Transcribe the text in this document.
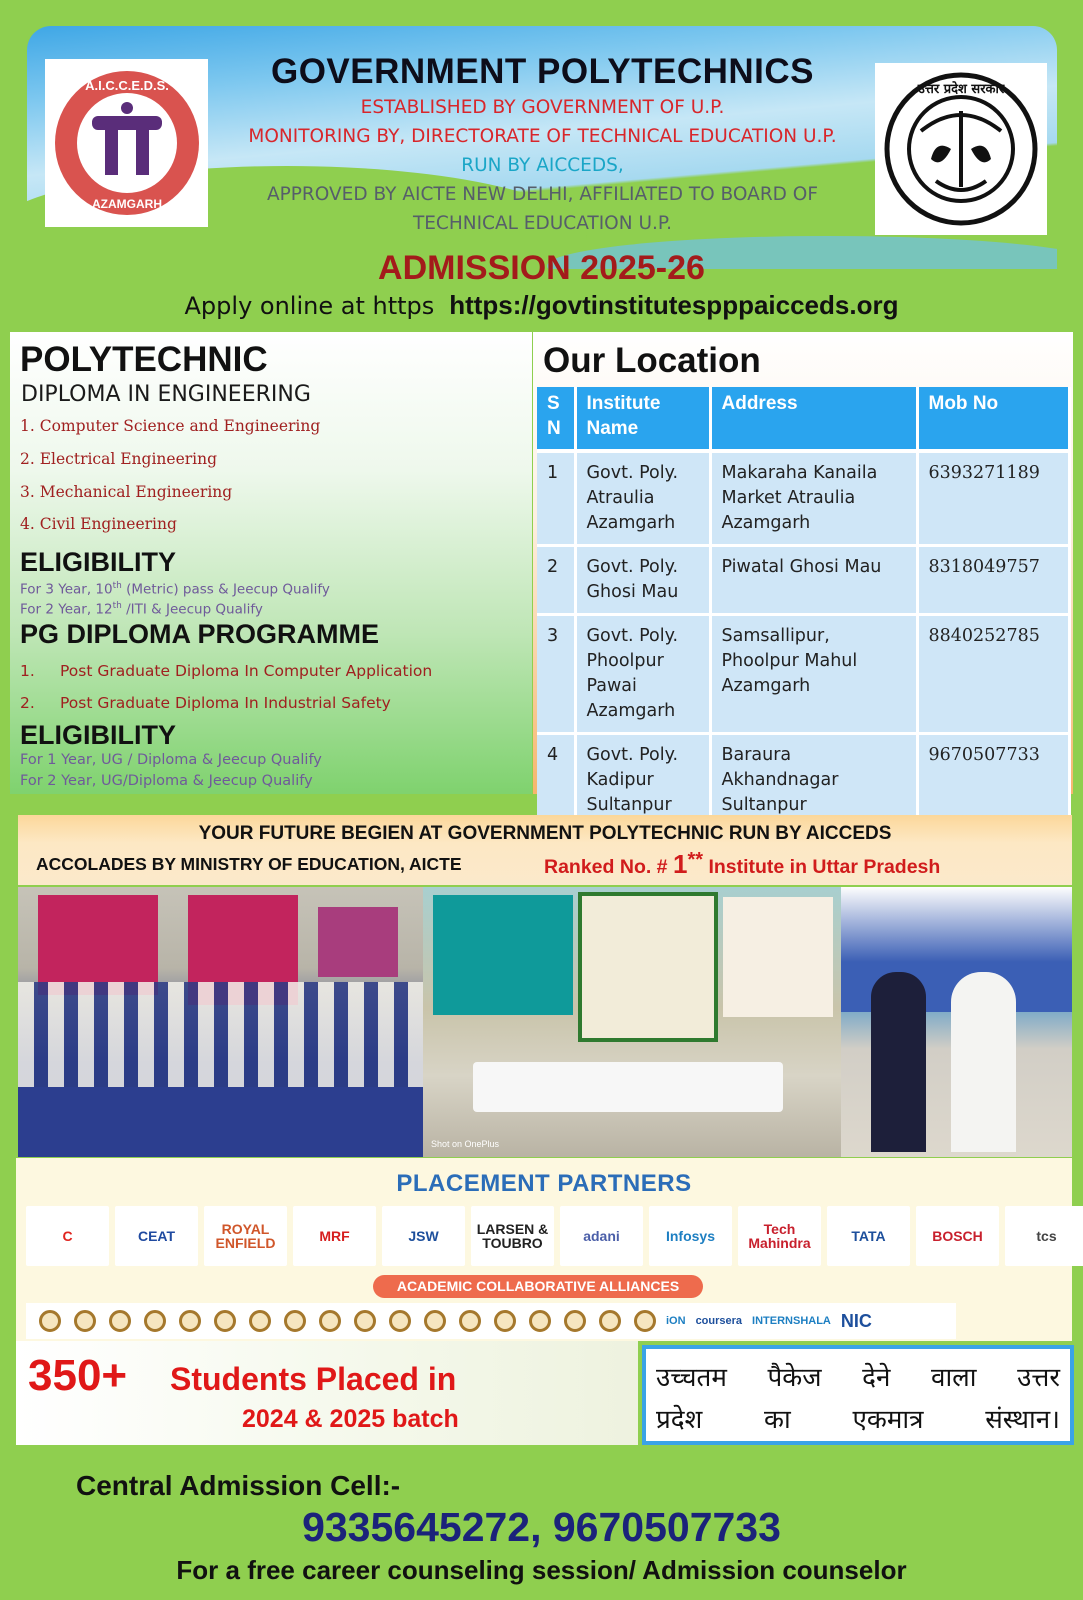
A.I.C.C.E.D.S.
AZAMGARH
उत्तर प्रदेश सरकार
GOVERNMENT POLYTECHNICS
ESTABLISHED BY GOVERNMENT OF U.P.
MONITORING BY, DIRECTORATE OF TECHNICAL EDUCATION U.P.
RUN BY AICCEDS,
APPROVED BY AICTE NEW DELHI, AFFILIATED TO BOARD OF
TECHNICAL EDUCATION U.P.
ADMISSION 2025-26
Apply online at https https://govtinstitutespppaicceds.org
POLYTECHNIC
DIPLOMA IN ENGINEERING
1. Computer Science and Engineering
2. Electrical Engineering
3. Mechanical Engineering
4. Civil Engineering
ELIGIBILITY
For 3 Year, 10th (Metric) pass & Jeecup Qualify
For 2 Year, 12th /ITI & Jeecup Qualify
PG DIPLOMA PROGRAMME
1. Post Graduate Diploma In Computer Application
2. Post Graduate Diploma In Industrial Safety
ELIGIBILITY
For 1 Year, UG / Diploma & Jeecup Qualify
For 2 Year, UG/Diploma & Jeecup Qualify
Our Location
S
N	Institute
Name	Address	Mob No
1	Govt. Poly.
Atraulia
Azamgarh	Makaraha Kanaila
Market Atraulia
Azamgarh	6393271189
2	Govt. Poly.
Ghosi Mau	Piwatal Ghosi Mau	8318049757
3	Govt. Poly.
Phoolpur
Pawai
Azamgarh	Samsallipur,
Phoolpur Mahul
Azamgarh	8840252785
4	Govt. Poly.
Kadipur
Sultanpur	Baraura
Akhandnagar
Sultanpur	9670507733
YOUR FUTURE BEGIEN AT GOVERNMENT POLYTECHNIC RUN BY AICCEDS
ACCOLADES BY MINISTRY OF EDUCATION, AICTE	Ranked No. # 1** Institute in Uttar Pradesh
Shot on OnePlus
PLACEMENT PARTNERS
C	CEAT	ROYAL ENFIELD	MRF	JSW	LARSEN & TOUBRO	adani	Infosys	Tech Mahindra	TATA	BOSCH	tcs
ACADEMIC COLLABORATIVE ALLIANCES
iON coursera INTERNSHALA NIC
350+ Students Placed in
2024 & 2025 batch
उच्चतम पैकेज देने वाला उत्तर
प्रदेश का एकमात्र संस्थान।
Central Admission Cell:-
9335645272, 9670507733
For a free career counseling session/ Admission counselor
